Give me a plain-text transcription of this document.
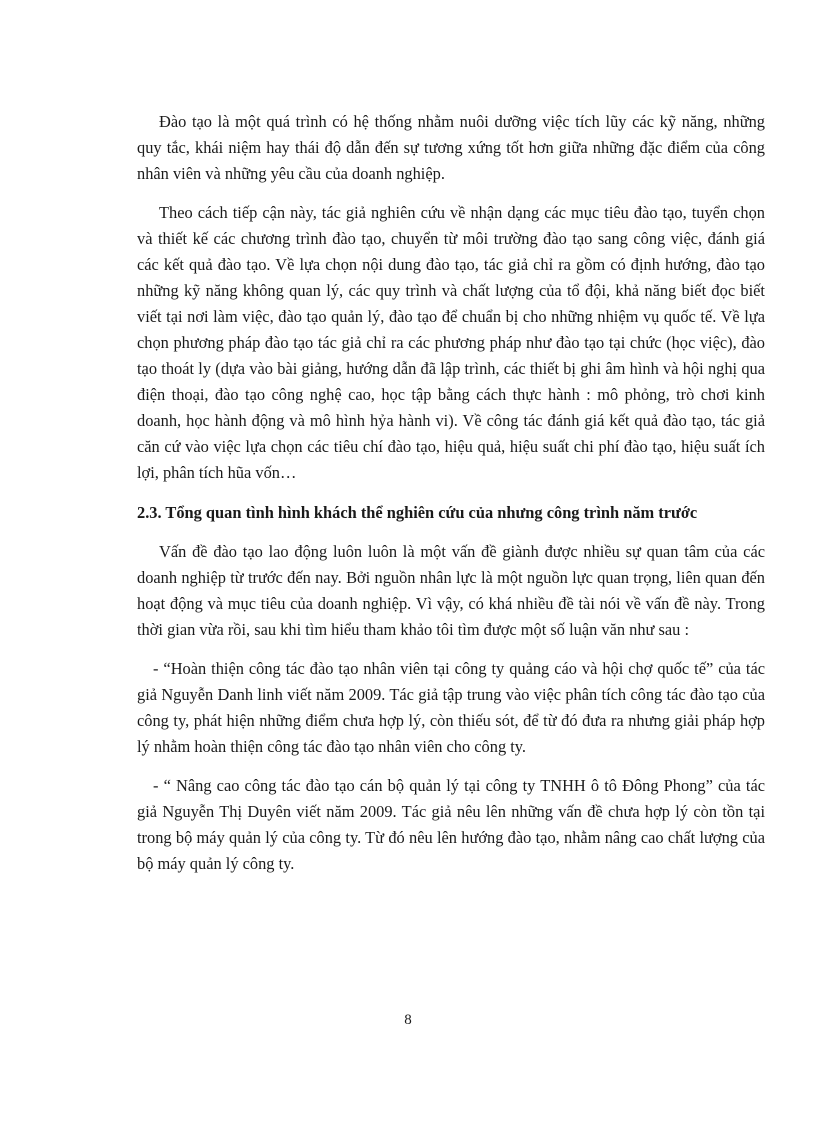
Đào tạo là một quá trình có hệ thống nhằm nuôi dưỡng việc tích lũy các kỹ năng, những quy tắc, khái niệm hay thái độ dẫn đến sự tương xứng tốt hơn giữa những đặc điểm của công nhân viên và những yêu cầu của doanh nghiệp.

Theo cách tiếp cận này, tác giả nghiên cứu về nhận dạng các mục tiêu đào tạo, tuyển chọn và thiết kế các chương trình đào tạo, chuyển từ môi trường đào tạo sang công việc, đánh giá các kết quả đào tạo. Về lựa chọn nội dung đào tạo, tác giả chỉ ra gồm có định hướng, đào tạo những kỹ năng không quan lý, các quy trình và chất lượng của tổ đội, khả năng biết đọc biết viết tại nơi làm việc, đào tạo quản lý, đào tạo để chuẩn bị cho những nhiệm vụ quốc tế. Về lựa chọn phương pháp đào tạo tác giả chỉ ra các phương pháp như đào tạo tại chức (học việc), đào tạo thoát ly (dựa vào bài giảng, hướng dẫn đã lập trình, các thiết bị ghi âm hình và hội nghị qua điện thoại, đào tạo công nghệ cao, học tập bằng cách thực hành : mô phỏng, trò chơi kinh doanh, học hành động và mô hình hỷa hành vi). Về công tác đánh giá kết quả đào tạo, tác giả căn cứ vào việc lựa chọn các tiêu chí đào tạo, hiệu quả, hiệu suất chi phí đào tạo, hiệu suất ích lợi, phân tích hũa vốn…

2.3. Tổng quan tình hình khách thể nghiên cứu của nhưng công trình năm trước

Vấn đề đào tạo lao động luôn luôn là một vấn đề giành được nhiều sự quan tâm của các doanh nghiệp từ trước đến nay. Bởi nguồn nhân lực là một nguồn lực quan trọng, liên quan đến hoạt động và mục tiêu của doanh nghiệp. Vì vậy, có khá nhiều đề tài nói về vấn đề này. Trong thời gian vừa rồi, sau khi tìm hiểu tham khảo tôi tìm được một số luận văn như sau :

- “Hoàn thiện công tác đào tạo nhân viên tại công ty quảng cáo và hội chợ quốc tế” của tác giả Nguyễn Danh linh viết năm 2009. Tác giả tập trung vào việc phân tích công tác đào tạo của công ty, phát hiện những điểm chưa hợp lý, còn thiếu sót, để từ đó đưa ra nhưng giải pháp hợp lý nhằm hoàn thiện công tác đào tạo nhân viên cho công ty.

- “ Nâng cao công tác đào tạo cán bộ quản lý tại công ty TNHH ô tô Đông Phong” của tác giả Nguyễn Thị Duyên viết năm 2009. Tác giả nêu lên những vấn đề chưa hợp lý còn tồn tại trong bộ máy quản lý của công ty. Từ đó nêu lên hướng đào tạo, nhằm nâng cao chất lượng của bộ máy quản lý công ty.

8
